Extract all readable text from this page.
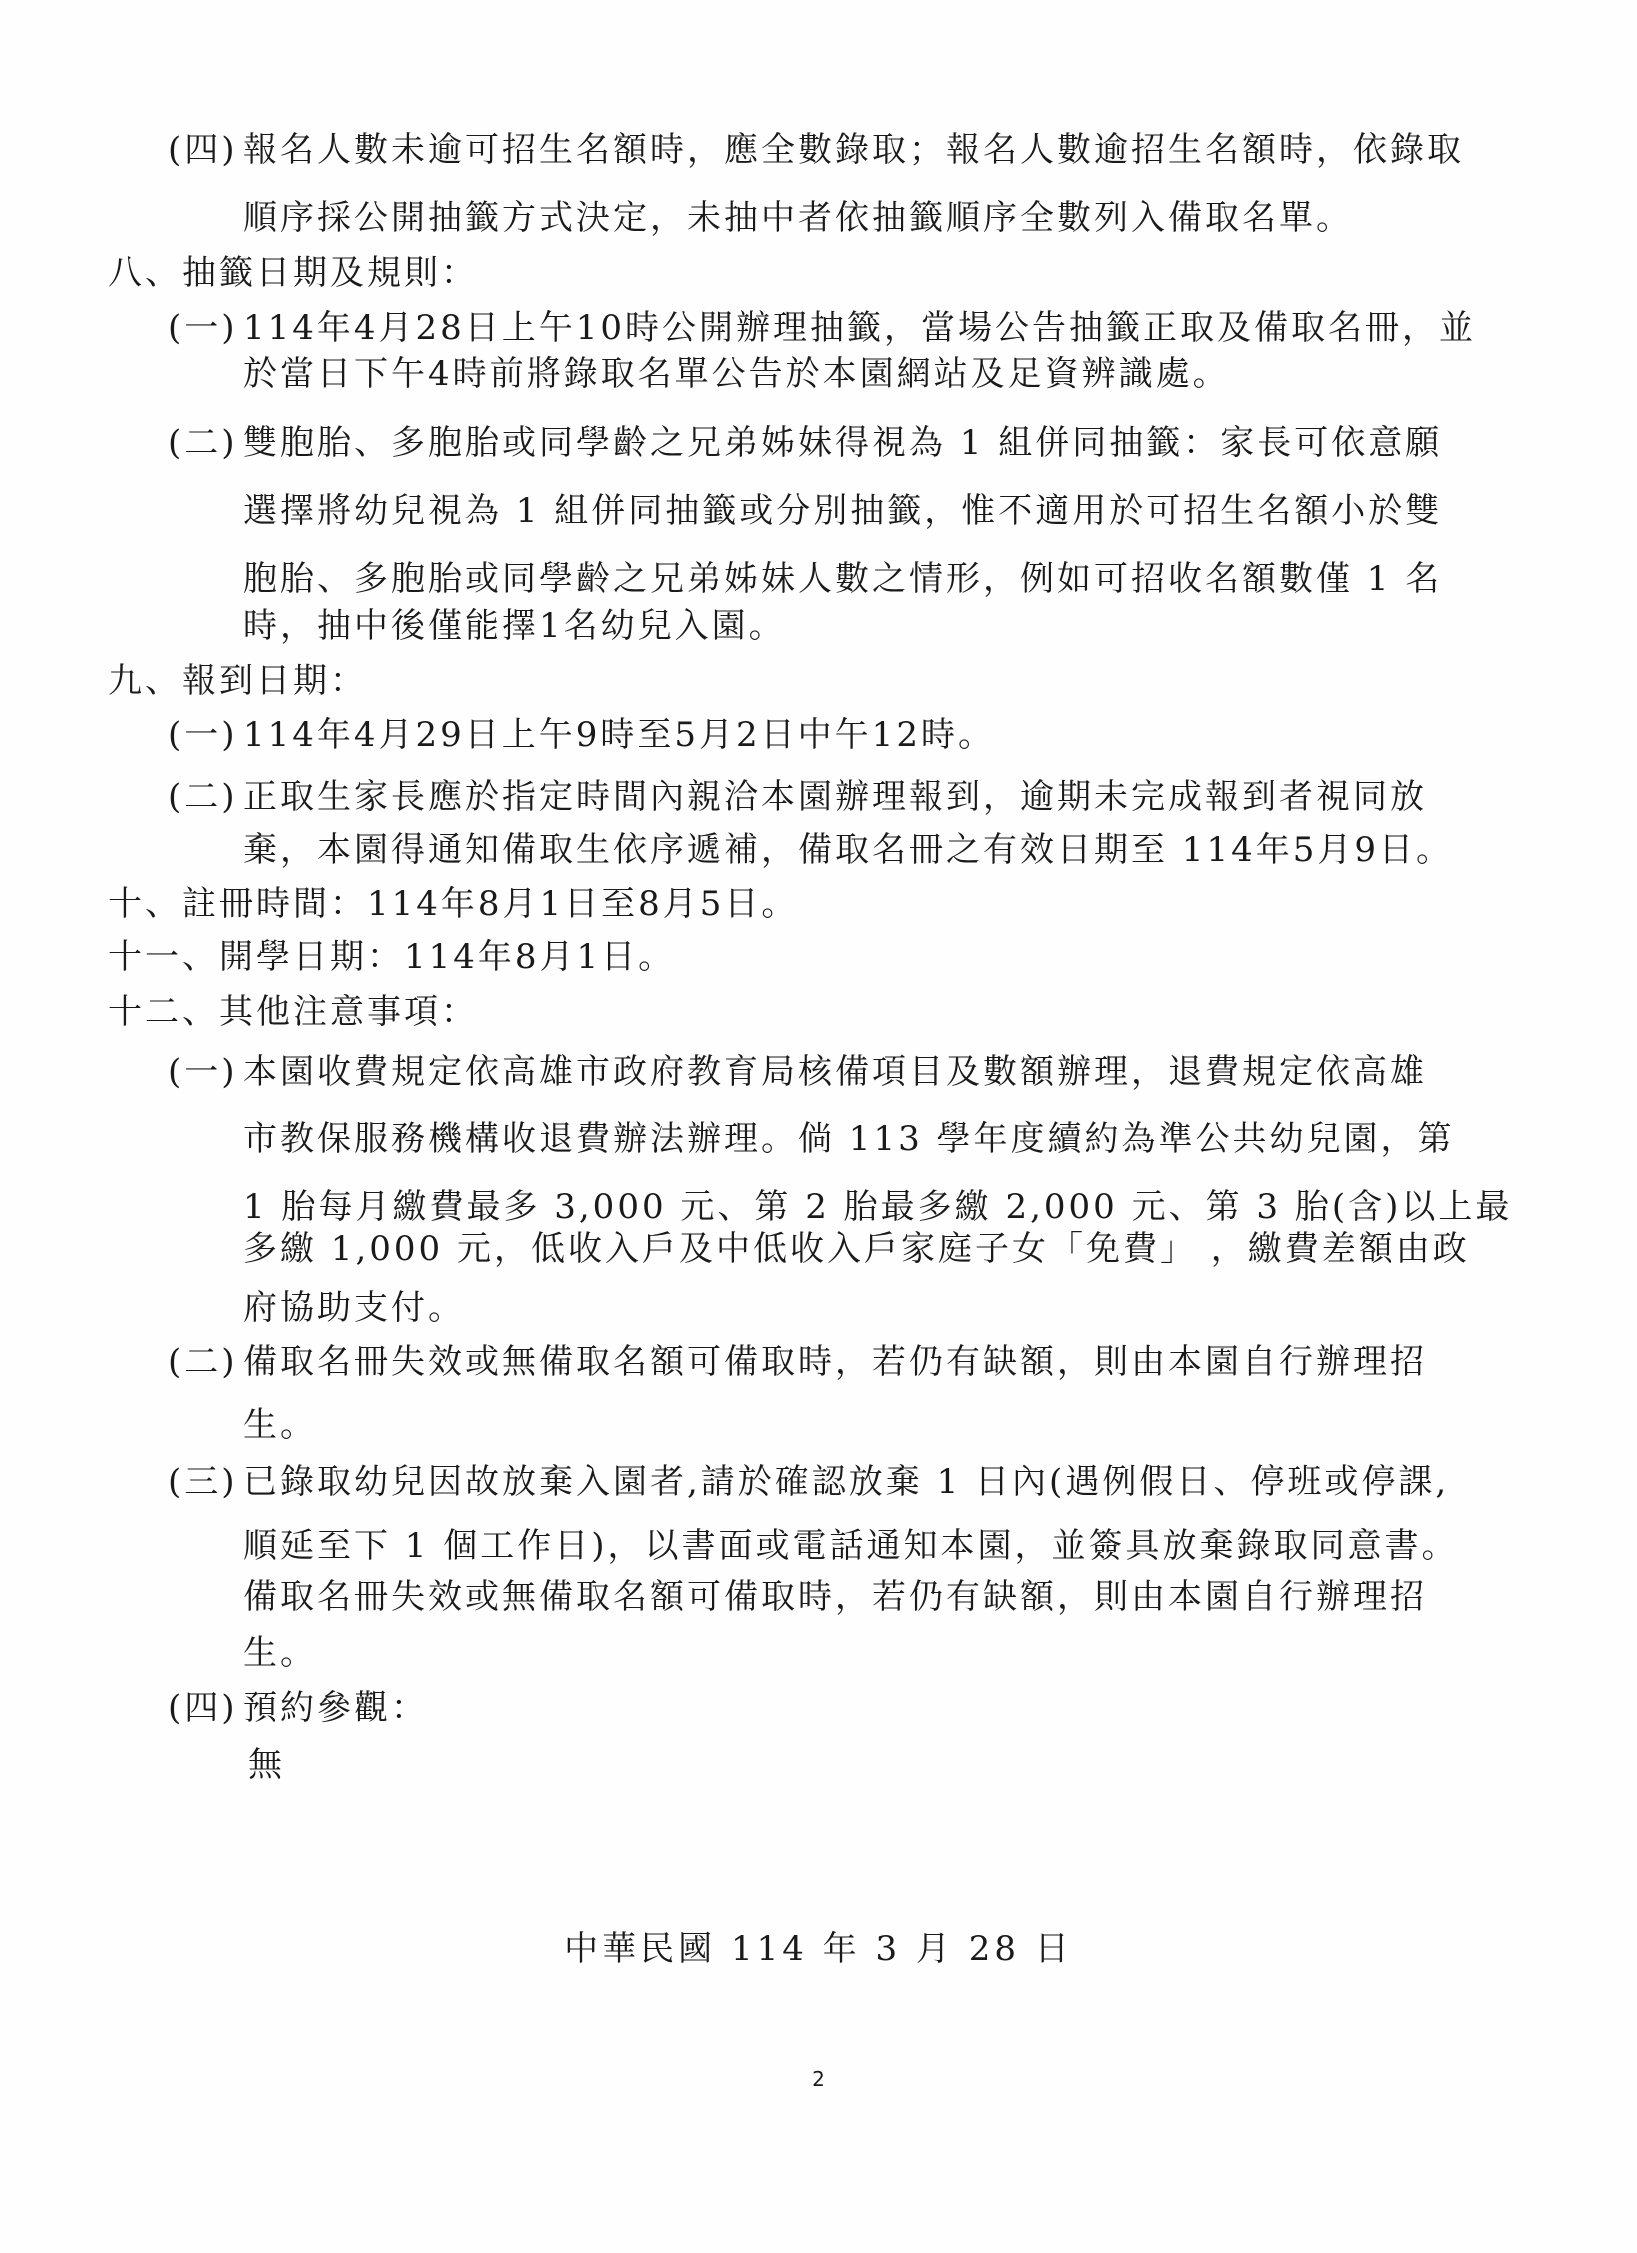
(四) 報名人數未逾可招生名額時，應全數錄取；報名人數逾招生名額時，依錄取
順序採公開抽籤方式決定，未抽中者依抽籤順序全數列入備取名單。
八、抽籤日期及規則：
(一) 114年4月28日上午10時公開辦理抽籤，當場公告抽籤正取及備取名冊，並
於當日下午4時前將錄取名單公告於本園網站及足資辨識處。
(二) 雙胞胎、多胞胎或同學齡之兄弟姊妹得視為 1 組併同抽籤：家長可依意願
選擇將幼兒視為 1 組併同抽籤或分別抽籤，惟不適用於可招生名額小於雙
胞胎、多胞胎或同學齡之兄弟姊妹人數之情形，例如可招收名額數僅 1 名
時，抽中後僅能擇1名幼兒入園。
九、報到日期：
(一) 114年4月29日上午9時至5月2日中午12時。
(二) 正取生家長應於指定時間內親洽本園辦理報到，逾期未完成報到者視同放
棄，本園得通知備取生依序遞補，備取名冊之有效日期至 114年5月9日。
十、註冊時間：114年8月1日至8月5日。
十一、開學日期：114年8月1日。
十二、其他注意事項：
(一) 本園收費規定依高雄市政府教育局核備項目及數額辦理，退費規定依高雄
市教保服務機構收退費辦法辦理。倘 113 學年度續約為準公共幼兒園，第
1 胎每月繳費最多 3,000 元、第 2 胎最多繳 2,000 元、第 3 胎(含)以上最
多繳 1,000 元，低收入戶及中低收入戶家庭子女「免費」 ，繳費差額由政
府協助支付。
(二) 備取名冊失效或無備取名額可備取時，若仍有缺額，則由本園自行辦理招
生。
(三) 已錄取幼兒因故放棄入園者,請於確認放棄 1 日內(遇例假日、停班或停課,
順延至下 1 個工作日)，以書面或電話通知本園，並簽具放棄錄取同意書。
備取名冊失效或無備取名額可備取時，若仍有缺額，則由本園自行辦理招
生。
(四) 預約參觀：
無
中華民國 114 年 3 月 28 日
2
